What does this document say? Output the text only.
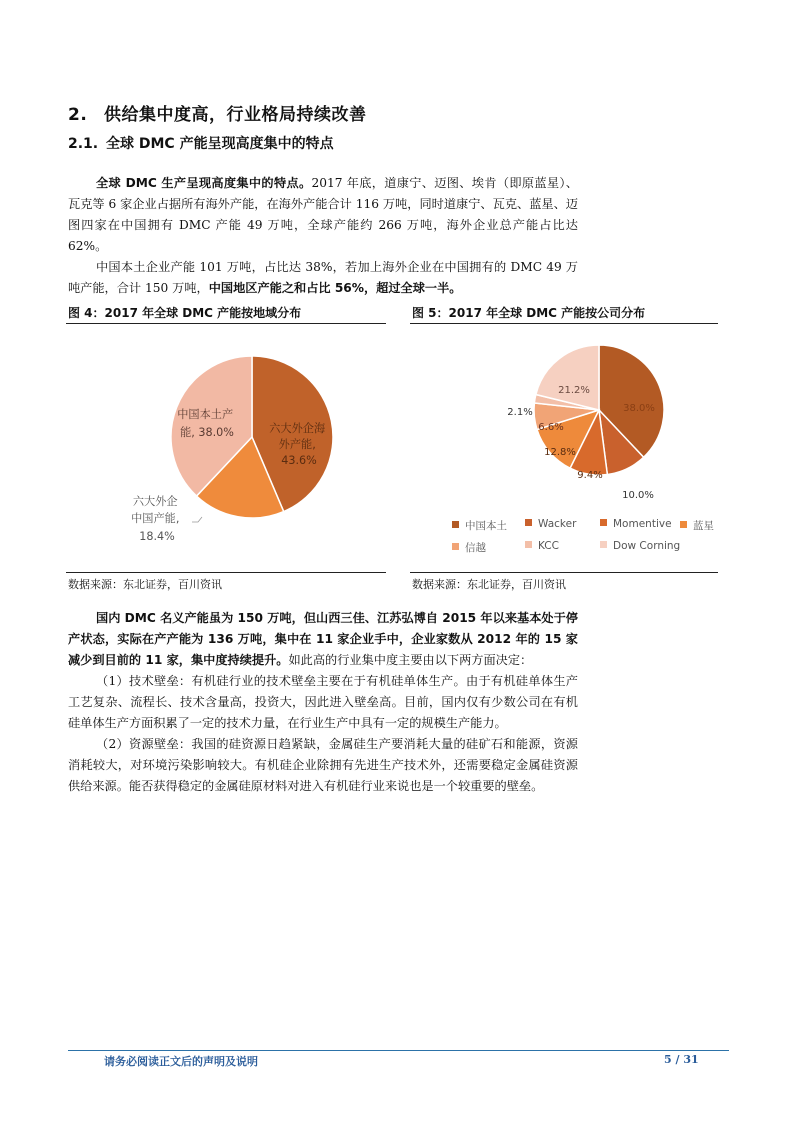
2. 供给集中度高，行业格局持续改善
2.1. 全球 DMC 产能呈现高度集中的特点

全球 DMC 生产呈现高度集中的特点。2017 年底，道康宁、迈图、埃肯（即原蓝星）、瓦克等 6 家企业占据所有海外产能，在海外产能合计 116 万吨，同时道康宁、瓦克、蓝星、迈图四家在中国拥有 DMC 产能 49 万吨，全球产能约 266 万吨，海外企业总产能占比达 62%。

中国本土企业产能 101 万吨，占比达 38%，若加上海外企业在中国拥有的 DMC 49 万吨产能，合计 150 万吨，中国地区产能之和占比 56%，超过全球一半。

图 4：2017 年全球 DMC 产能按地域分布
六大外企海 外产能, 43.6%
六大外企 中国产能, 18.4%
中国本土产 能, 38.0%
数据来源：东北证券，百川资讯
图 5：2017 年全球 DMC 产能按公司分布
38.0%
10.0%
9.4%
12.8%
6.6%
2.1%
21.2%
中国本土	Wacker	Momentive	蓝星
信越	KCC	Dow Corning
数据来源：东北证券，百川资讯

国内 DMC 名义产能虽为 150 万吨，但山西三佳、江苏弘博自 2015 年以来基本处于停产状态，实际在产产能为 136 万吨，集中在 11 家企业手中，企业家数从 2012 年的 15 家减少到目前的 11 家，集中度持续提升。如此高的行业集中度主要由以下两方面决定：

（1）技术壁垒：有机硅行业的技术壁垒主要在于有机硅单体生产。由于有机硅单体生产工艺复杂、流程长、技术含量高，投资大，因此进入壁垒高。目前，国内仅有少数公司在有机硅单体生产方面积累了一定的技术力量，在行业生产中具有一定的规模生产能力。

（2）资源壁垒：我国的硅资源日趋紧缺，金属硅生产要消耗大量的硅矿石和能源，资源消耗较大，对环境污染影响较大。有机硅企业除拥有先进生产技术外，还需要稳定金属硅资源供给来源。能否获得稳定的金属硅原材料对进入有机硅行业来说也是一个较重要的壁垒。

请务必阅读正文后的声明及说明	5 / 31
